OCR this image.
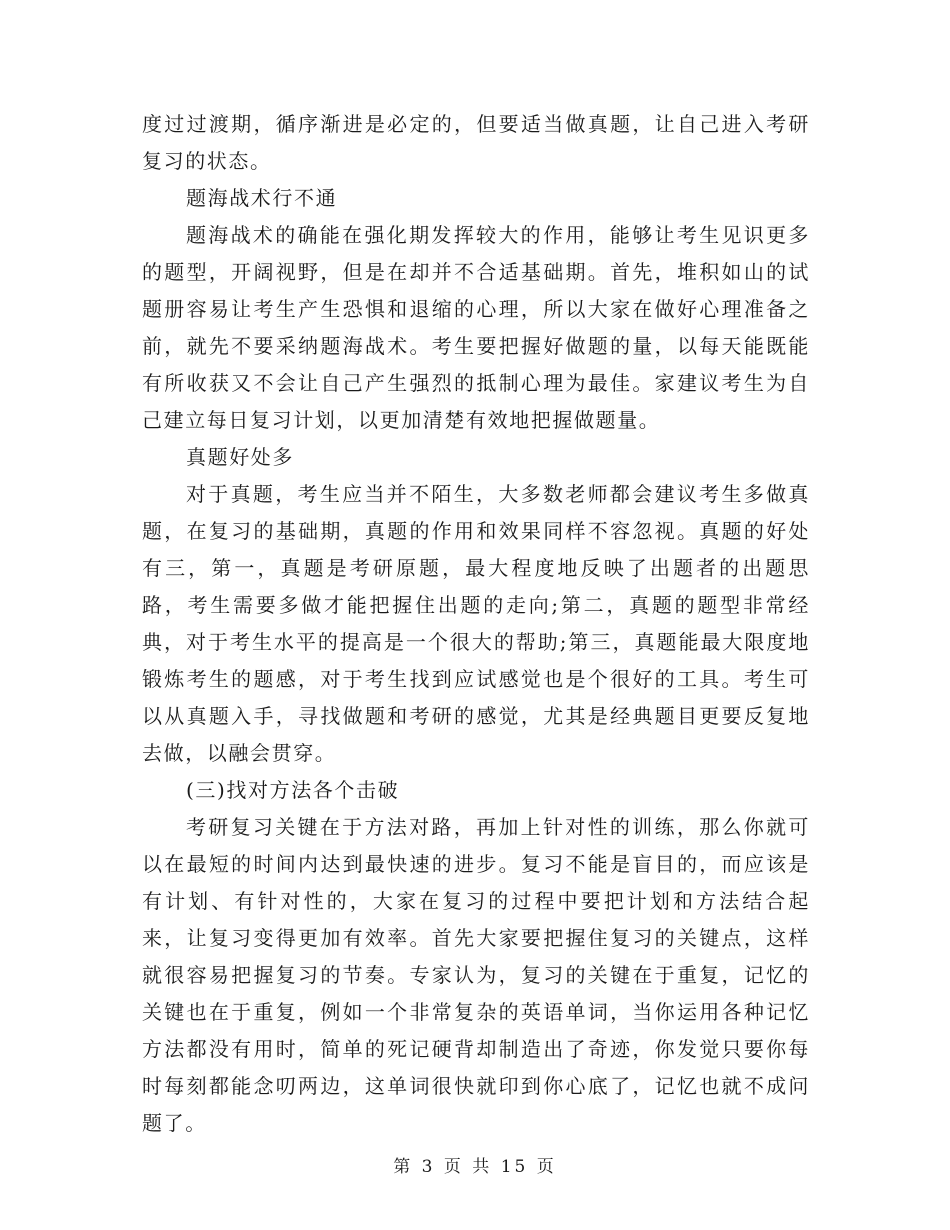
度过过渡期，循序渐进是必定的，但要适当做真题，让自己进入考研复习的状态。

题海战术行不通

题海战术的确能在强化期发挥较大的作用，能够让考生见识更多的题型，开阔视野，但是在却并不合适基础期。首先，堆积如山的试题册容易让考生产生恐惧和退缩的心理，所以大家在做好心理准备之前，就先不要采纳题海战术。考生要把握好做题的量，以每天能既能有所收获又不会让自己产生强烈的抵制心理为最佳。家建议考生为自己建立每日复习计划，以更加清楚有效地把握做题量。

真题好处多

对于真题，考生应当并不陌生，大多数老师都会建议考生多做真题，在复习的基础期，真题的作用和效果同样不容忽视。真题的好处有三，第一，真题是考研原题，最大程度地反映了出题者的出题思路，考生需要多做才能把握住出题的走向;第二，真题的题型非常经典，对于考生水平的提高是一个很大的帮助;第三，真题能最大限度地锻炼考生的题感，对于考生找到应试感觉也是个很好的工具。考生可以从真题入手，寻找做题和考研的感觉，尤其是经典题目更要反复地去做，以融会贯穿。

(三)找对方法各个击破

考研复习关键在于方法对路，再加上针对性的训练，那么你就可以在最短的时间内达到最快速的进步。复习不能是盲目的，而应该是有计划、有针对性的，大家在复习的过程中要把计划和方法结合起来，让复习变得更加有效率。首先大家要把握住复习的关键点，这样就很容易把握复习的节奏。专家认为，复习的关键在于重复，记忆的关键也在于重复，例如一个非常复杂的英语单词，当你运用各种记忆方法都没有用时，简单的死记硬背却制造出了奇迹，你发觉只要你每时每刻都能念叨两边，这单词很快就印到你心底了，记忆也就不成问题了。

第 3 页 共 15 页
